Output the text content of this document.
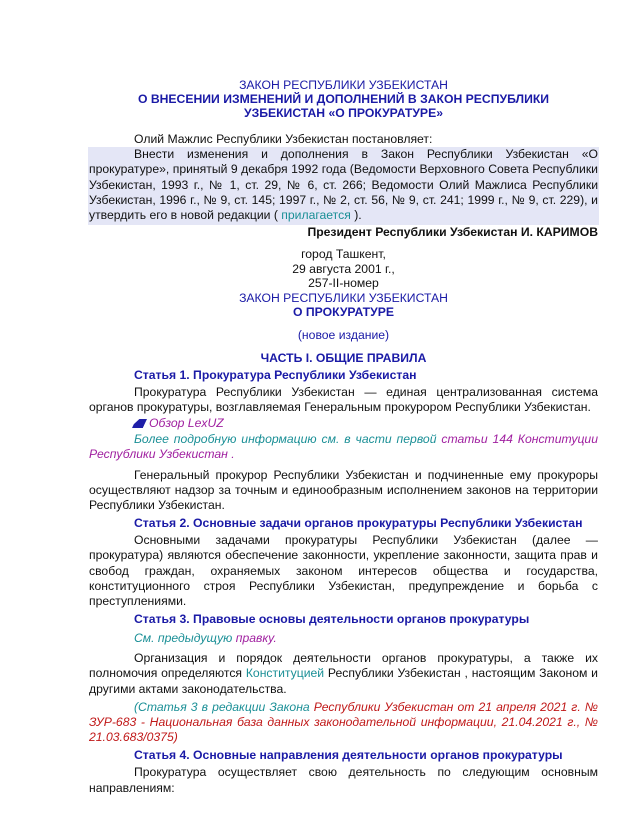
ЗАКОН РЕСПУБЛИКИ УЗБЕКИСТАН
О ВНЕСЕНИИ ИЗМЕНЕНИЙ И ДОПОЛНЕНИЙ В ЗАКОН РЕСПУБЛИКИ
УЗБЕКИСТАН «О ПРОКУРАТУРЕ»

Олий Мажлис Республики Узбекистан постановляет:

Внести изменения и дополнения в Закон Республики Узбекистан «О прокуратуре», принятый 9 декабря 1992 года (Ведомости Верховного Совета Республики Узбекистан, 1993 г., № 1, ст. 29, № 6, ст. 266; Ведомости Олий Мажлиса Республики Узбекистан, 1996 г., № 9, ст. 145; 1997 г., № 2, ст. 56, № 9, ст. 241; 1999 г., № 9, ст. 229), и утвердить его в новой редакции ( прилагается ).

Президент Республики Узбекистан И. КАРИМОВ
город Ташкент,
29 августа 2001 г.,
257-II-номер
ЗАКОН РЕСПУБЛИКИ УЗБЕКИСТАН
О ПРОКУРАТУРЕ
(новое издание)
ЧАСТЬ I. ОБЩИЕ ПРАВИЛА
Статья 1. Прокуратура Республики Узбекистан

Прокуратура Республики Узбекистан — единая централизованная система органов прокуратуры, возглавляемая Генеральным прокурором Республики Узбекистан.

Обзор LexUZ

Более подробную информацию см. в части первой статьи 144 Конституции Республики Узбекистан .

Генеральный прокурор Республики Узбекистан и подчиненные ему прокуроры осуществляют надзор за точным и единообразным исполнением законов на территории Республики Узбекистан.

Статья 2. Основные задачи органов прокуратуры Республики Узбекистан

Основными задачами прокуратуры Республики Узбекистан (далее — прокуратура) являются обеспечение законности, укрепление законности, защита прав и свобод граждан, охраняемых законом интересов общества и государства, конституционного строя Республики Узбекистан, предупреждение и борьба с преступлениями.

Статья 3. Правовые основы деятельности органов прокуратуры

См. предыдущую правку.

Организация и порядок деятельности органов прокуратуры, а также их полномочия определяются Конституцией Республики Узбекистан , настоящим Законом и другими актами законодательства.

(Статья 3 в редакции Закона Республики Узбекистан от 21 апреля 2021 г. № ЗУР-683 - Национальная база данных законодательной информации, 21.04.2021 г., № 21.03.683/0375)

Статья 4. Основные направления деятельности органов прокуратуры

Прокуратура осуществляет свою деятельность по следующим основным направлениям:
